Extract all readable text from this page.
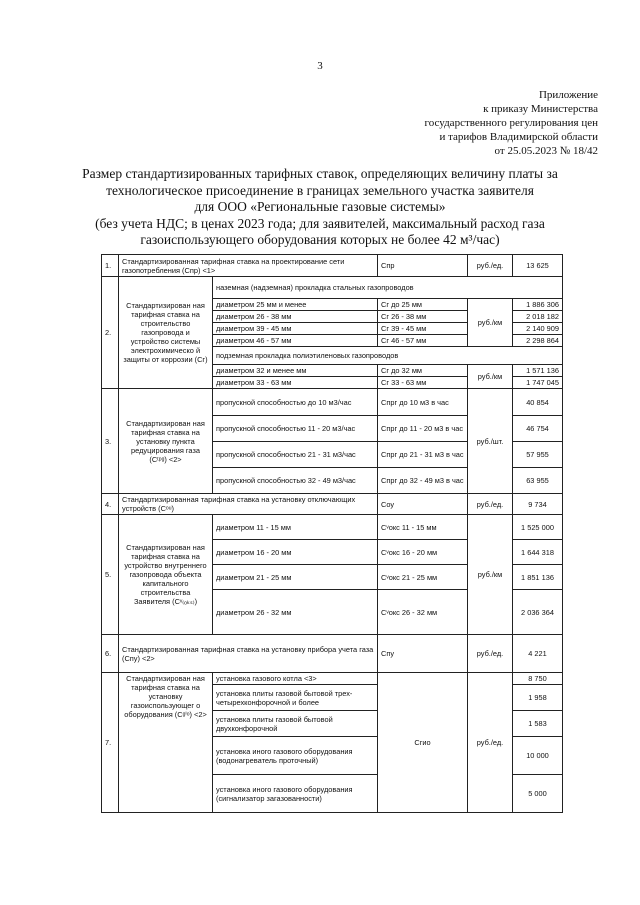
3
Приложение
к приказу Министерства
государственного регулирования цен
и тарифов Владимирской области
от 25.05.2023 № 18/42
Размер стандартизированных тарифных ставок, определяющих величину платы за
технологическое присоединение в границах земельного участка заявителя
для ООО «Региональные газовые системы»
(без учета НДС; в ценах 2023 года; для заявителей, максимальный расход газа
газоиспользующего оборудования которых не более 42 м³/час)
1.	Стандартизированная тарифная ставка на проектирование сети газопотребления (Спр) <1>		Спр	руб./ед.	13 625
2.	Стандартизирован ная тарифная ставка на строительство газопровода и устройство системы электрохимическо й защиты от коррозии (Сг)	наземная (надземная) прокладка стальных газопроводов			
		диаметром 25 мм и менее	Сг до 25 мм	руб./км	1 886 306
		диаметром 26 - 38 мм	Сг 26 - 38 мм		2 018 182
		диаметром 39 - 45 мм	Сг 39 - 45 мм		2 140 909
		диаметром 46 - 57 мм	Сг 46 - 57 мм		2 298 864
		подземная прокладка полиэтиленовых газопроводов			
		диаметром 32 и менее мм	Сг до 32 мм	руб./км	1 571 136
		диаметром 33 - 63 мм	Сг 33 - 63 мм		1 747 045
3.	Стандартизирован ная тарифная ставка на установку пункта редуцирования газа (Сᵗᵖᵍ) <2>	пропускной способностью до 10 м3/час	Спрг до 10 м3 в час	руб./шт.	40 854
		пропускной способностью 11 - 20 м3/час	Спрг до 11 - 20 м3 в час		46 754
		пропускной способностью 21 - 31 м3/час	Спрг до 21 - 31 м3 в час		57 955
		пропускной способностью 32 - 49 м3/час	Спрг до 32 - 49 м3 в час		63 955
4.	Стандартизированная тарифная ставка на установку отключающих устройств (Сᵒᵘ)		Соу	руб./ед.	9 734
5.	Стандартизирован ная тарифная ставка на устройство внутреннего газопровода объекта капитального строительства Заявителя (Сᵛ₍ₒₖₛ₎)	диаметром 11 - 15 мм	Сᵛокс 11 - 15 мм	руб./км	1 525 000
		диаметром 16 - 20 мм	Сᵛокс 16 - 20 мм		1 644 318
		диаметром 21 - 25 мм	Сᵛокс 21 - 25 мм		1 851 136
		диаметром 26 - 32 мм	Сᵛокс 26 - 32 мм		2 036 364
6.	Стандартизированная тарифная ставка на установку прибора учета газа (Спу) <2>		Спу	руб./ед.	4 221
7.	Стандартизирован ная тарифная ставка на установку газоиспользующег о оборудования (Сᵍⁱᵒ) <2>	установка газового котла <3>	Сгио	руб./ед.	8 750
		установка плиты газовой бытовой трех- четырехконфорочной и более			1 958
		установка плиты газовой бытовой двухконфорочной			1 583
		установка иного газового оборудования (водонагреватель проточный)			10 000
		установка иного газового оборудования (сигнализатор загазованности)			5 000
